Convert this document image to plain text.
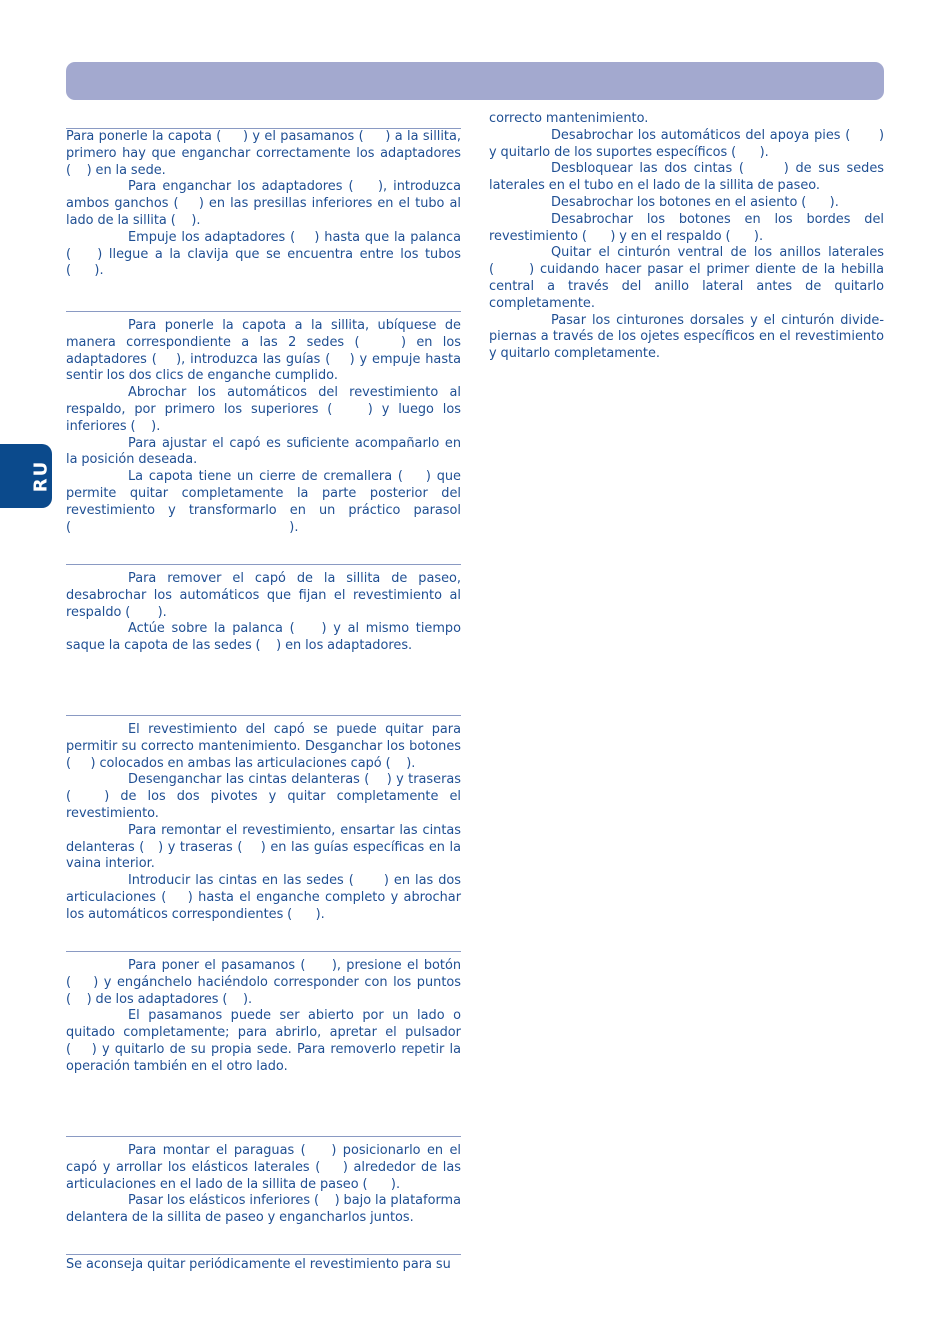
RU

Para ponerle la capota (     ) y el pasamanos (     ) a la sillita, primero hay que enganchar correctamente los adaptadores (    ) en la sede.

Para enganchar los adaptadores (    ), introduzca ambos ganchos (    ) en las presillas inferiores en el tubo al lado de la sillita (    ).

Empuje los adaptadores (    ) hasta que la palanca (    ) llegue a la clavija que se encuentra entre los tubos (      ).

Para ponerle la capota a la sillita, ubíquese de manera correspondiente a las 2 sedes (    ) en los adaptadores (    ), introduzca las guías (    ) y empuje hasta sentir los dos clics de enganche cumplido.

Abrochar los automáticos del revestimiento al respaldo, por primero los superiores (    ) y luego los inferiores (    ).

Para ajustar el capó es suficiente acompañarlo en la posición deseada.

La capota tiene un cierre de cremallera (    ) que permite quitar completamente la parte posterior del revestimiento y transformarlo en un práctico parasol (                                                        ).

Para remover el capó de la sillita de paseo, desabrochar los automáticos que fijan el revestimiento al respaldo (       ).

Actúe sobre la palanca (    ) y al mismo tiempo saque la capota de las sedes (    ) en los adaptadores.

El revestimiento del capó se puede quitar para permitir su correcto mantenimiento. Desganchar los botones (     ) colocados en ambas las articulaciones capó (    ).

Desenganchar las cintas delanteras (    ) y traseras (   ) de los dos pivotes y quitar completamente el revestimiento.

Para remontar el revestimiento, ensartar las cintas delanteras (   ) y traseras (    ) en las guías específicas en la vaina interior.

Introducir las cintas en las sedes (      ) en las dos articulaciones (    ) hasta el enganche completo y abrochar los automáticos correspondientes (      ).

Para poner el pasamanos (     ), presione el botón (    ) y engánchelo haciéndolo corresponder con los puntos (    ) de los adaptadores (    ).

El pasamanos puede ser abierto por un lado o quitado completamente; para abrirlo, apretar el pulsador (    ) y quitarlo de su propia sede. Para removerlo repetir la operación también en el otro lado.

Para montar el paraguas (    ) posicionarlo en el capó y arrollar los elásticos laterales (    ) alrededor de las articulaciones en el lado de la sillita de paseo (      ).

Pasar los elásticos inferiores (    ) bajo la plataforma delantera de la sillita de paseo y engancharlos juntos.

Se aconseja quitar periódicamente el revestimiento para su

correcto mantenimiento.

Desabrochar los automáticos del apoya pies (      ) y quitarlo de los suportes específicos (      ).

Desbloquear las dos cintas (      ) de sus sedes laterales en el tubo en el lado de la sillita de paseo.

Desabrochar los botones en el asiento (      ).

Desabrochar los botones en los bordes del revestimiento (      ) y en el respaldo (      ).

Quitar el cinturón ventral de los anillos laterales (      ) cuidando hacer pasar el primer diente de la hebilla central a través del anillo lateral antes de quitarlo completamente.

Pasar los cinturones dorsales y el cinturón divide-piernas a través de los ojetes específicos en el revestimiento y quitarlo completamente.
